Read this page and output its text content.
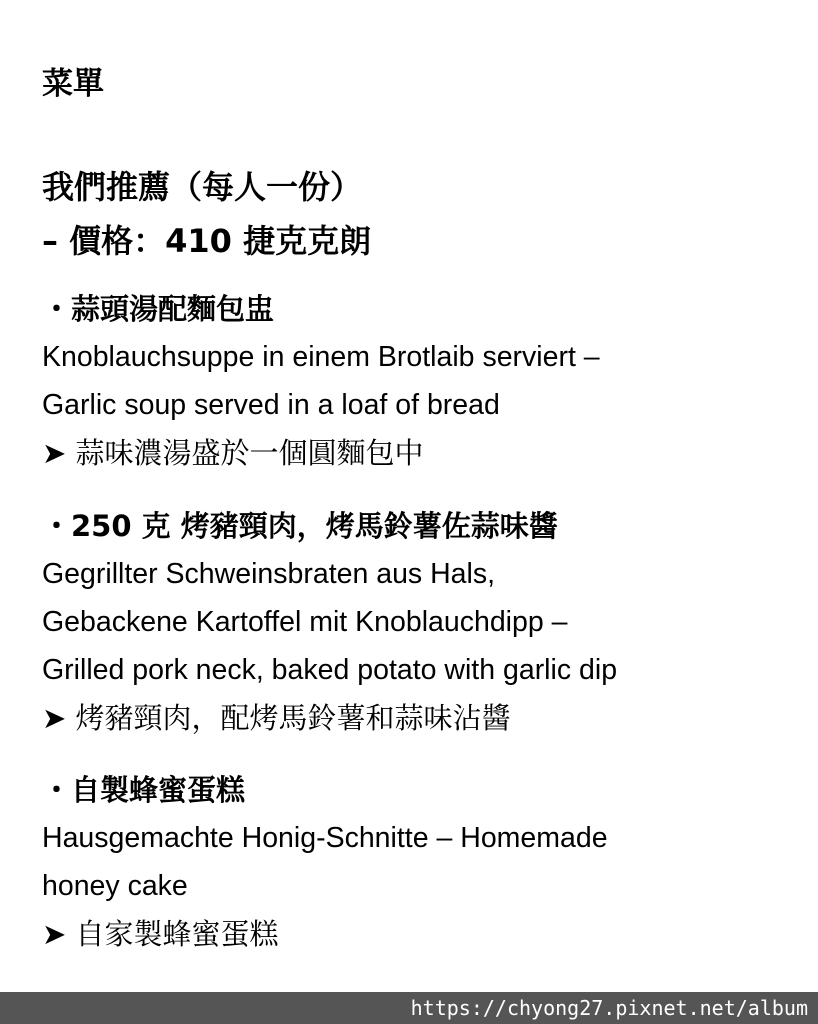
菜單
我們推薦（每人一份）
– 價格：410 捷克克朗
・蒜頭湯配麵包盅
Knoblauchsuppe in einem Brotlaib serviert –
Garlic soup served in a loaf of bread
➤ 蒜味濃湯盛於一個圓麵包中
・250 克 烤豬頸肉，烤馬鈴薯佐蒜味醬
Gegrillter Schweinsbraten aus Hals,
Gebackene Kartoffel mit Knoblauchdipp –
Grilled pork neck, baked potato with garlic dip
➤ 烤豬頸肉，配烤馬鈴薯和蒜味沾醬
・自製蜂蜜蛋糕
Hausgemachte Honig-Schnitte – Homemade
honey cake
➤ 自家製蜂蜜蛋糕
https://chyong27.pixnet.net/album
